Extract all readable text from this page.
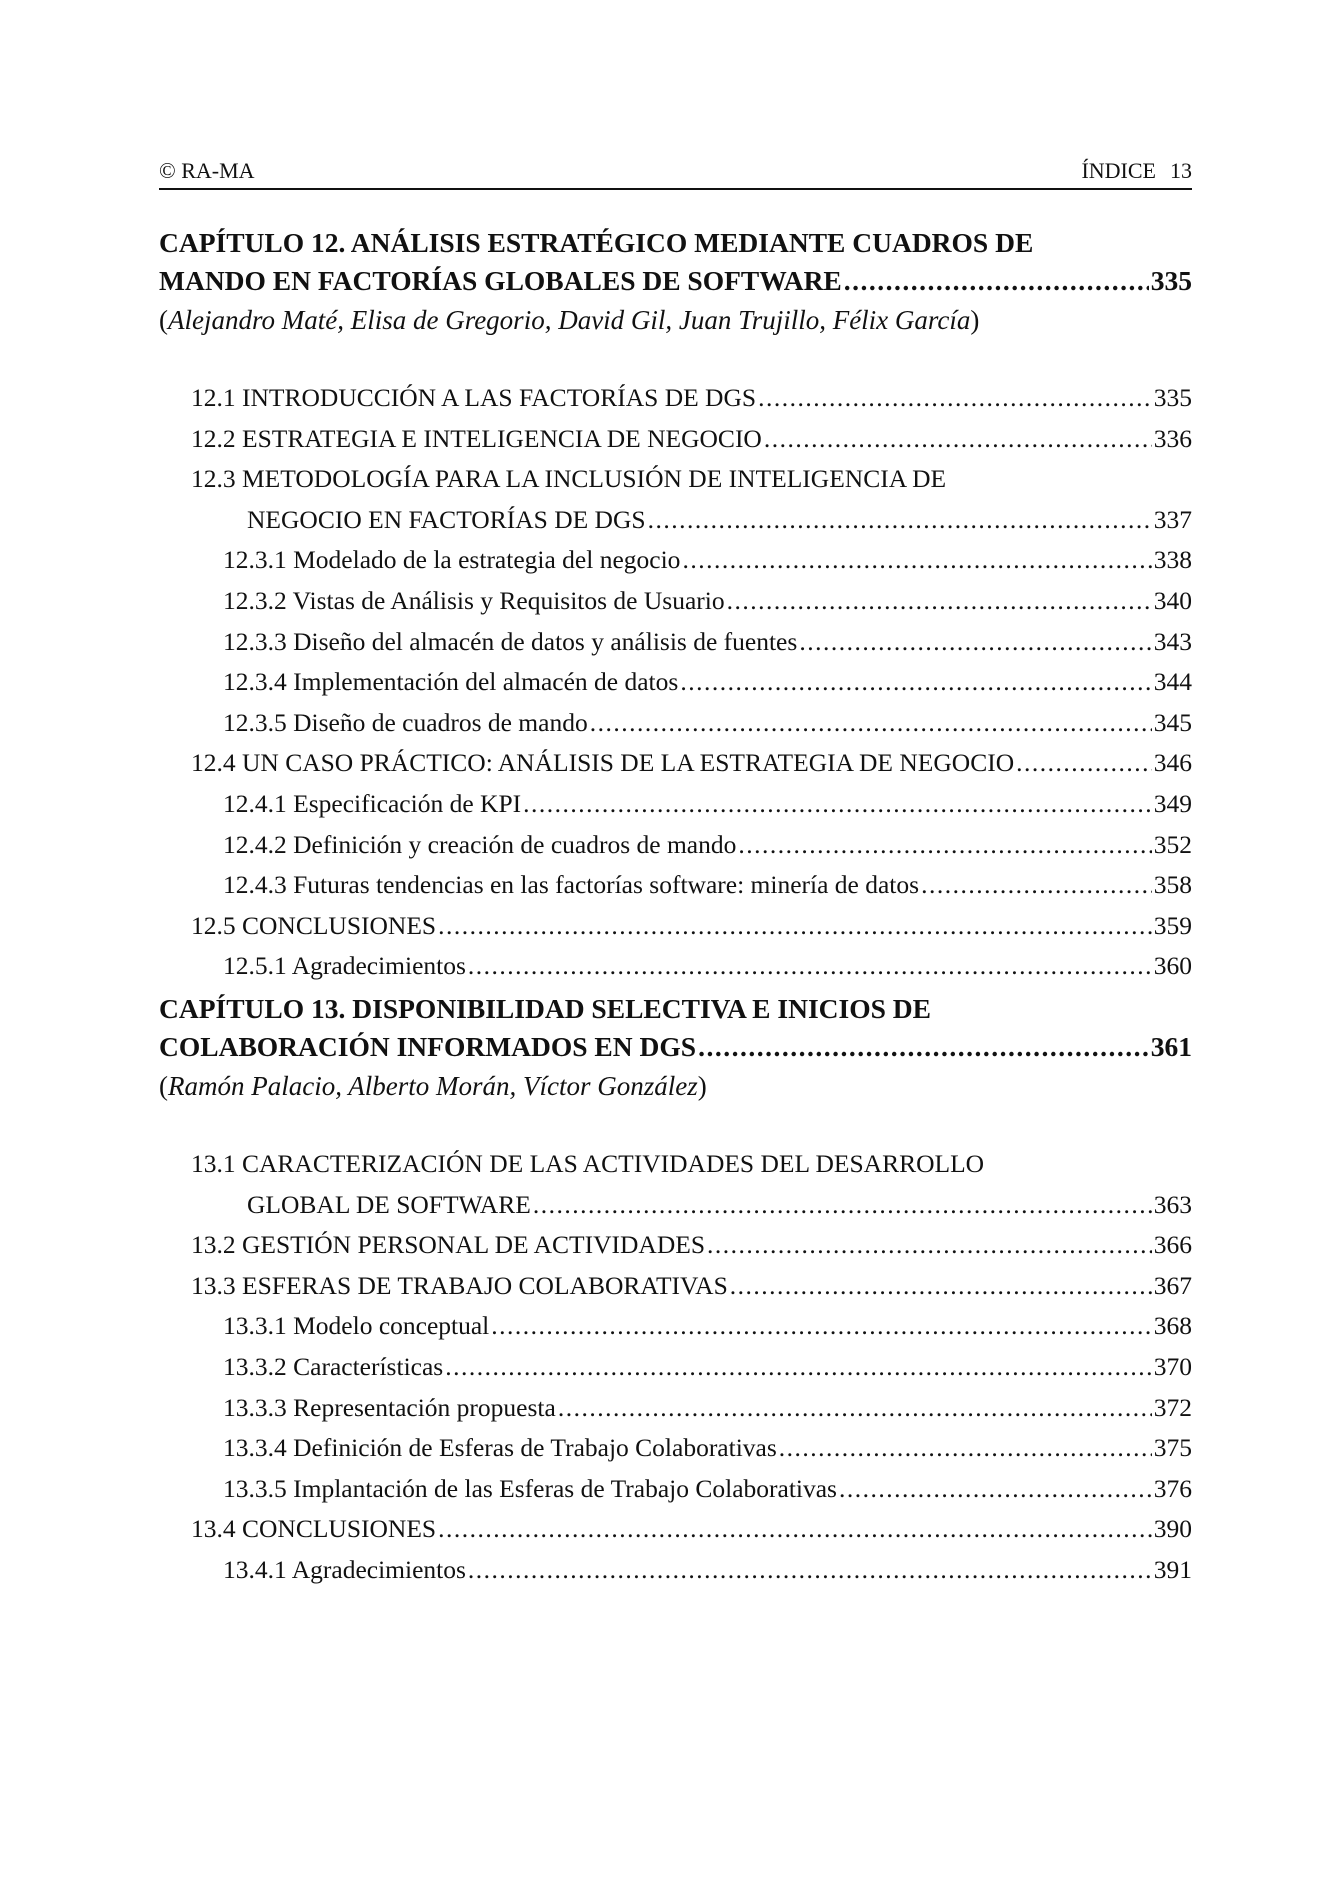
© RA-MA	ÍNDICE 13
CAPÍTULO 12. ANÁLISIS ESTRATÉGICO MEDIANTE CUADROS DE
MANDO EN FACTORÍAS GLOBALES DE SOFTWARE .....	335
(Alejandro Maté, Elisa de Gregorio, David Gil, Juan Trujillo, Félix García)
12.1 INTRODUCCIÓN A LAS FACTORÍAS DE DGS .....	335
12.2 ESTRATEGIA E INTELIGENCIA DE NEGOCIO .....	336
12.3 METODOLOGÍA PARA LA INCLUSIÓN DE INTELIGENCIA DE
NEGOCIO EN FACTORÍAS DE DGS .....	337
12.3.1 Modelado de la estrategia del negocio .....	338
12.3.2 Vistas de Análisis y Requisitos de Usuario .....	340
12.3.3 Diseño del almacén de datos y análisis de fuentes .....	343
12.3.4 Implementación del almacén de datos .....	344
12.3.5 Diseño de cuadros de mando .....	345
12.4 UN CASO PRÁCTICO: ANÁLISIS DE LA ESTRATEGIA DE NEGOCIO .....	346
12.4.1 Especificación de KPI .....	349
12.4.2 Definición y creación de cuadros de mando .....	352
12.4.3 Futuras tendencias en las factorías software: minería de datos .....	358
12.5 CONCLUSIONES .....	359
12.5.1 Agradecimientos .....	360
CAPÍTULO 13. DISPONIBILIDAD SELECTIVA E INICIOS DE
COLABORACIÓN INFORMADOS EN DGS .....	361
(Ramón Palacio, Alberto Morán, Víctor González)
13.1 CARACTERIZACIÓN DE LAS ACTIVIDADES DEL DESARROLLO
GLOBAL DE SOFTWARE .....	363
13.2 GESTIÓN PERSONAL DE ACTIVIDADES .....	366
13.3 ESFERAS DE TRABAJO COLABORATIVAS .....	367
13.3.1 Modelo conceptual .....	368
13.3.2 Características .....	370
13.3.3 Representación propuesta .....	372
13.3.4 Definición de Esferas de Trabajo Colaborativas .....	375
13.3.5 Implantación de las Esferas de Trabajo Colaborativas .....	376
13.4 CONCLUSIONES .....	390
13.4.1 Agradecimientos .....	391
